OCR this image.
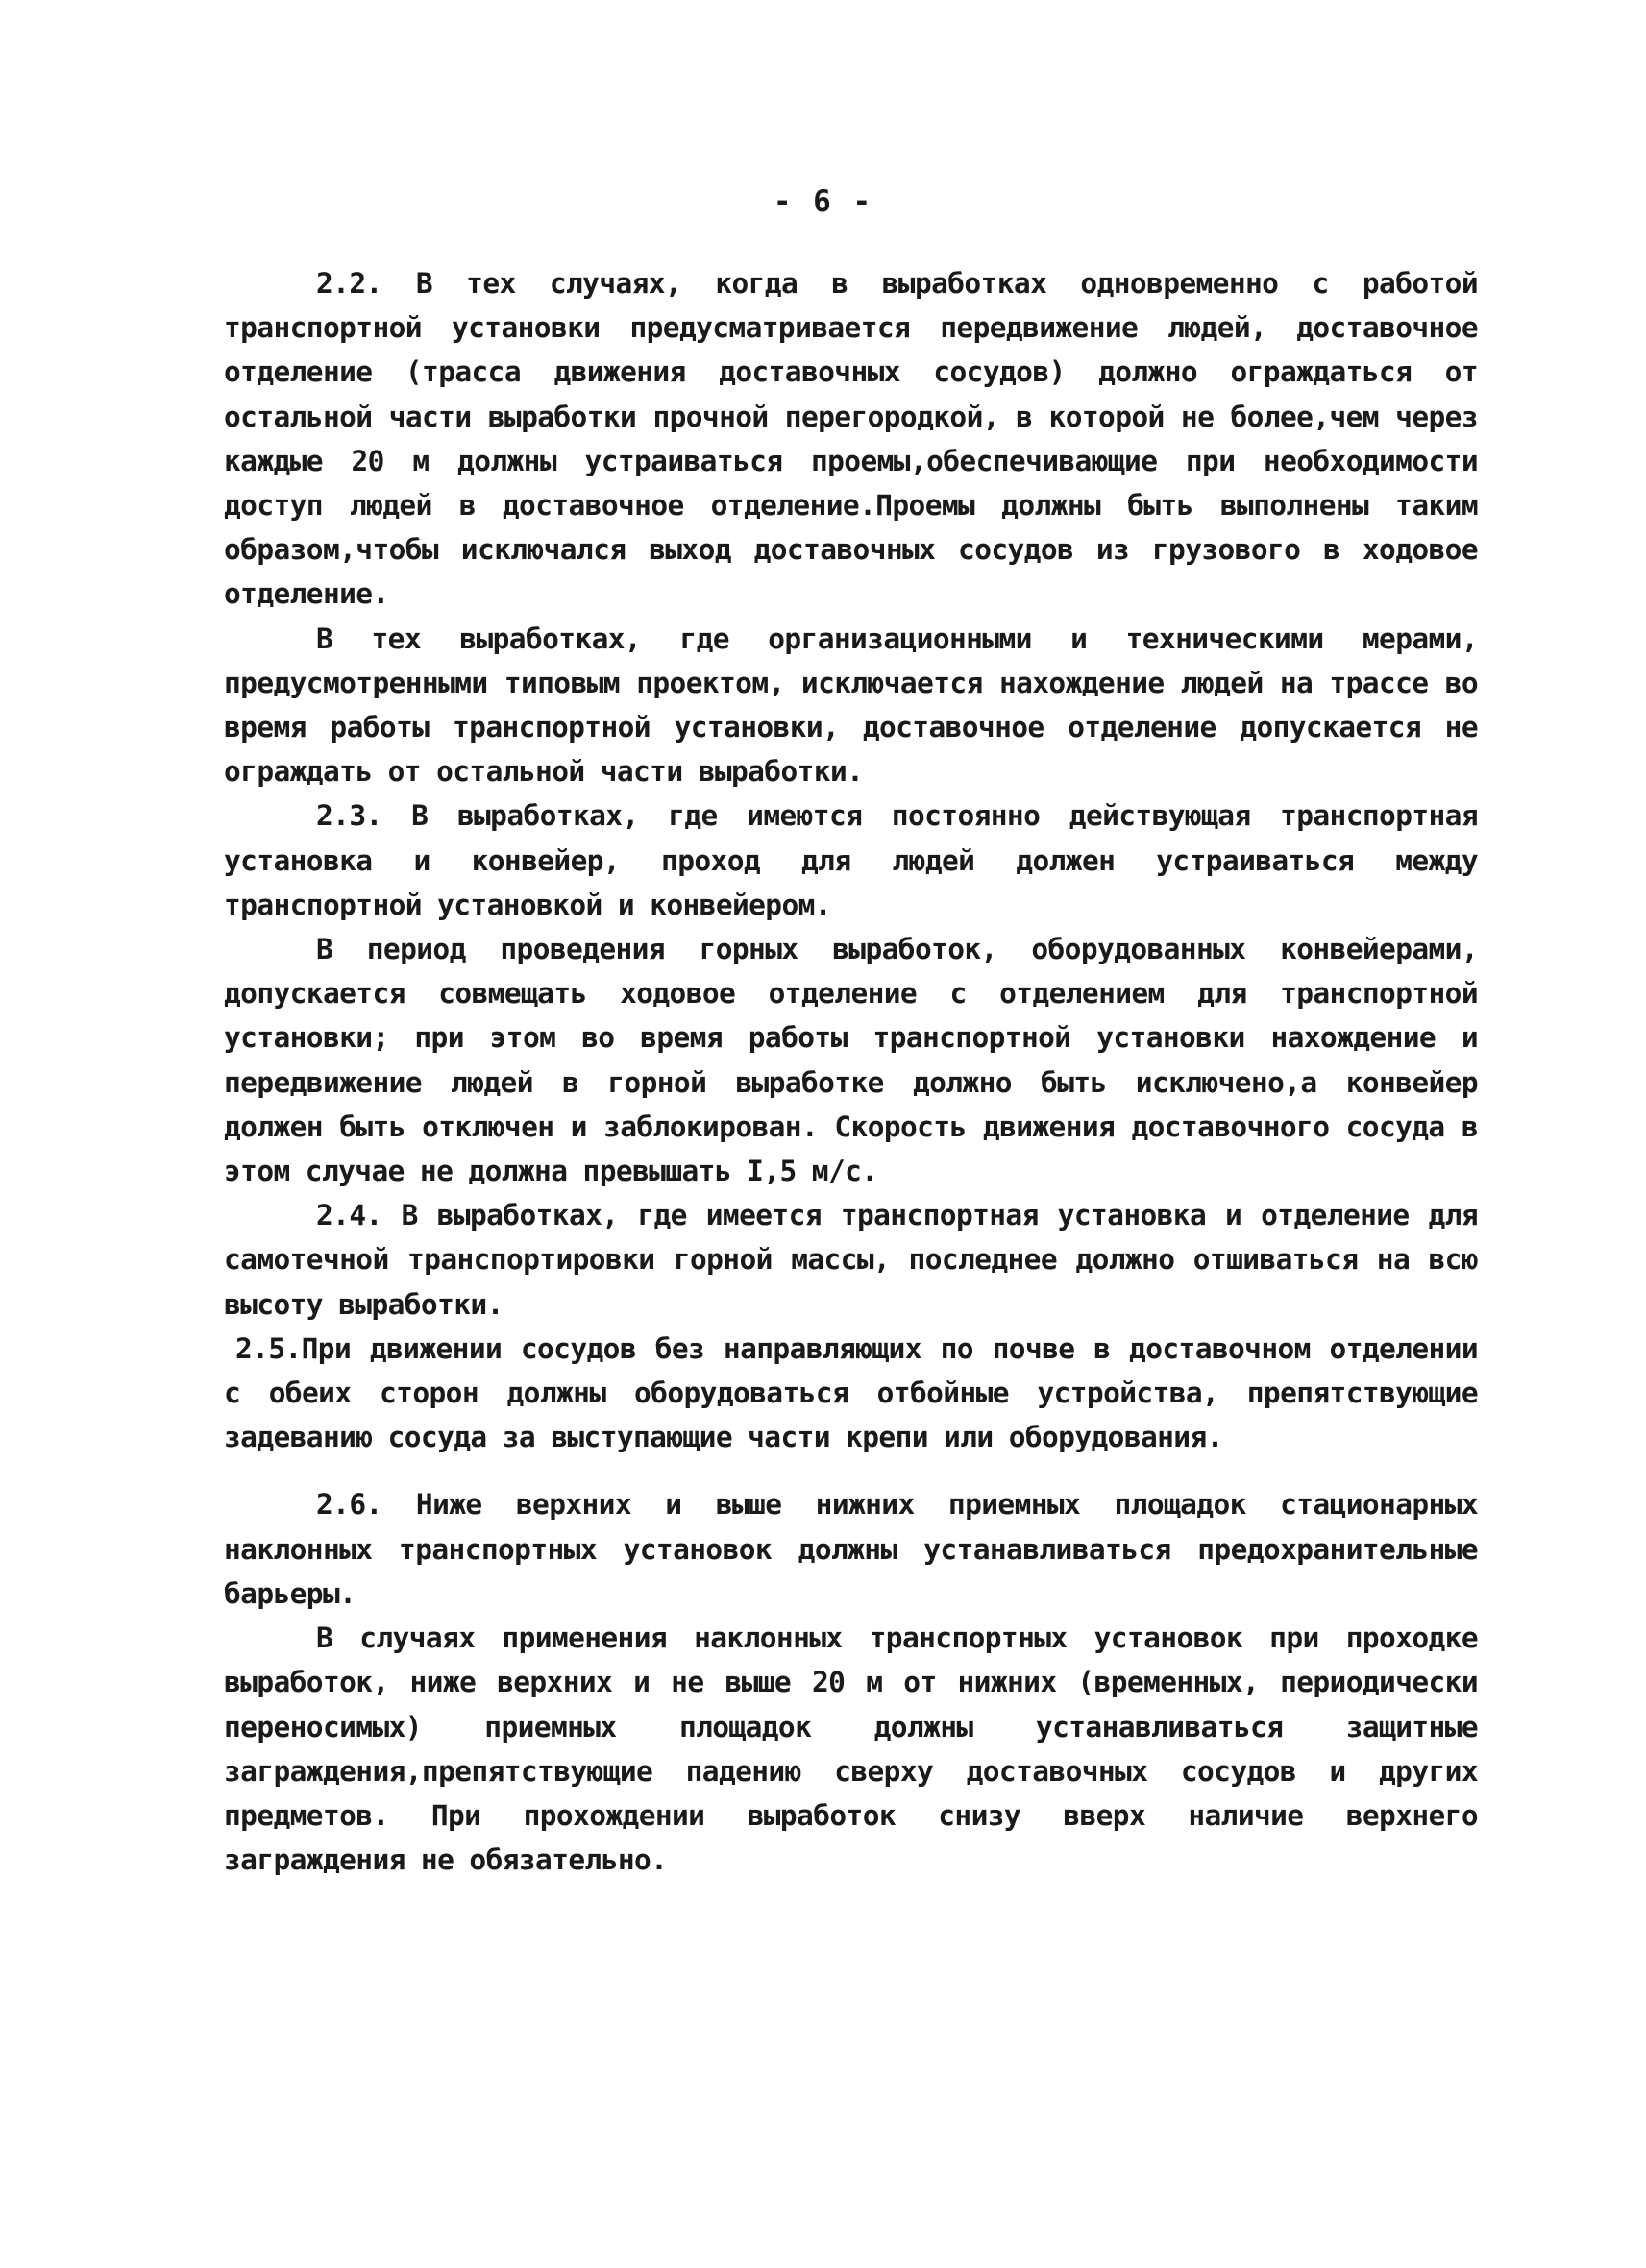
- 6 -

2.2. В тех случаях, когда в выработках одновременно с работой транспортной установки предусматривается передвижение людей, доставочное отделение (трасса движения доставочных сосудов) должно ограждаться от остальной части выработки прочной перегородкой, в которой не более,чем через каждые 20 м должны устраиваться проемы,обеспечивающие при необходимости доступ людей в доставочное отделение.Проемы должны быть выполнены таким образом,чтобы исключался выход доставочных сосудов из грузового в ходовое отделение.

В тех выработках, где организационными и техническими мерами, предусмотренными типовым проектом, исключается нахождение людей на трассе во время работы транспортной установки, доставочное отделение допускается не ограждать от остальной части выработки.

2.3. В выработках, где имеются постоянно действующая транспортная установка и конвейер, проход для людей должен устраиваться между транспортной установкой и конвейером.

В период проведения горных выработок, оборудованных конвейерами, допускается совмещать ходовое отделение с отделением для транспортной установки; при этом во время работы транспортной установки нахождение и передвижение людей в горной выработке должно быть исключено,а конвейер должен быть отключен и заблокирован. Скорость движения доставочного сосуда в этом случае не должна превышать I,5 м/с.

2.4. В выработках, где имеется транспортная установка и отделение для самотечной транспортировки горной массы, последнее должно отшиваться на всю высоту выработки.

2.5.При движении сосудов без направляющих по почве в доставочном отделении с обеих сторон должны оборудоваться отбойные устройства, препятствующие задеванию сосуда за выступающие части крепи или оборудования.

2.6. Ниже верхних и выше нижних приемных площадок стационарных наклонных транспортных установок должны устанавливаться предохранительные барьеры.

В случаях применения наклонных транспортных установок при проходке выработок, ниже верхних и не выше 20 м от нижних (временных, периодически переносимых) приемных площадок должны устанавливаться защитные заграждения,препятствующие падению сверху доставочных сосудов и других предметов. При прохождении выработок снизу вверх наличие верхнего заграждения не обязательно.
